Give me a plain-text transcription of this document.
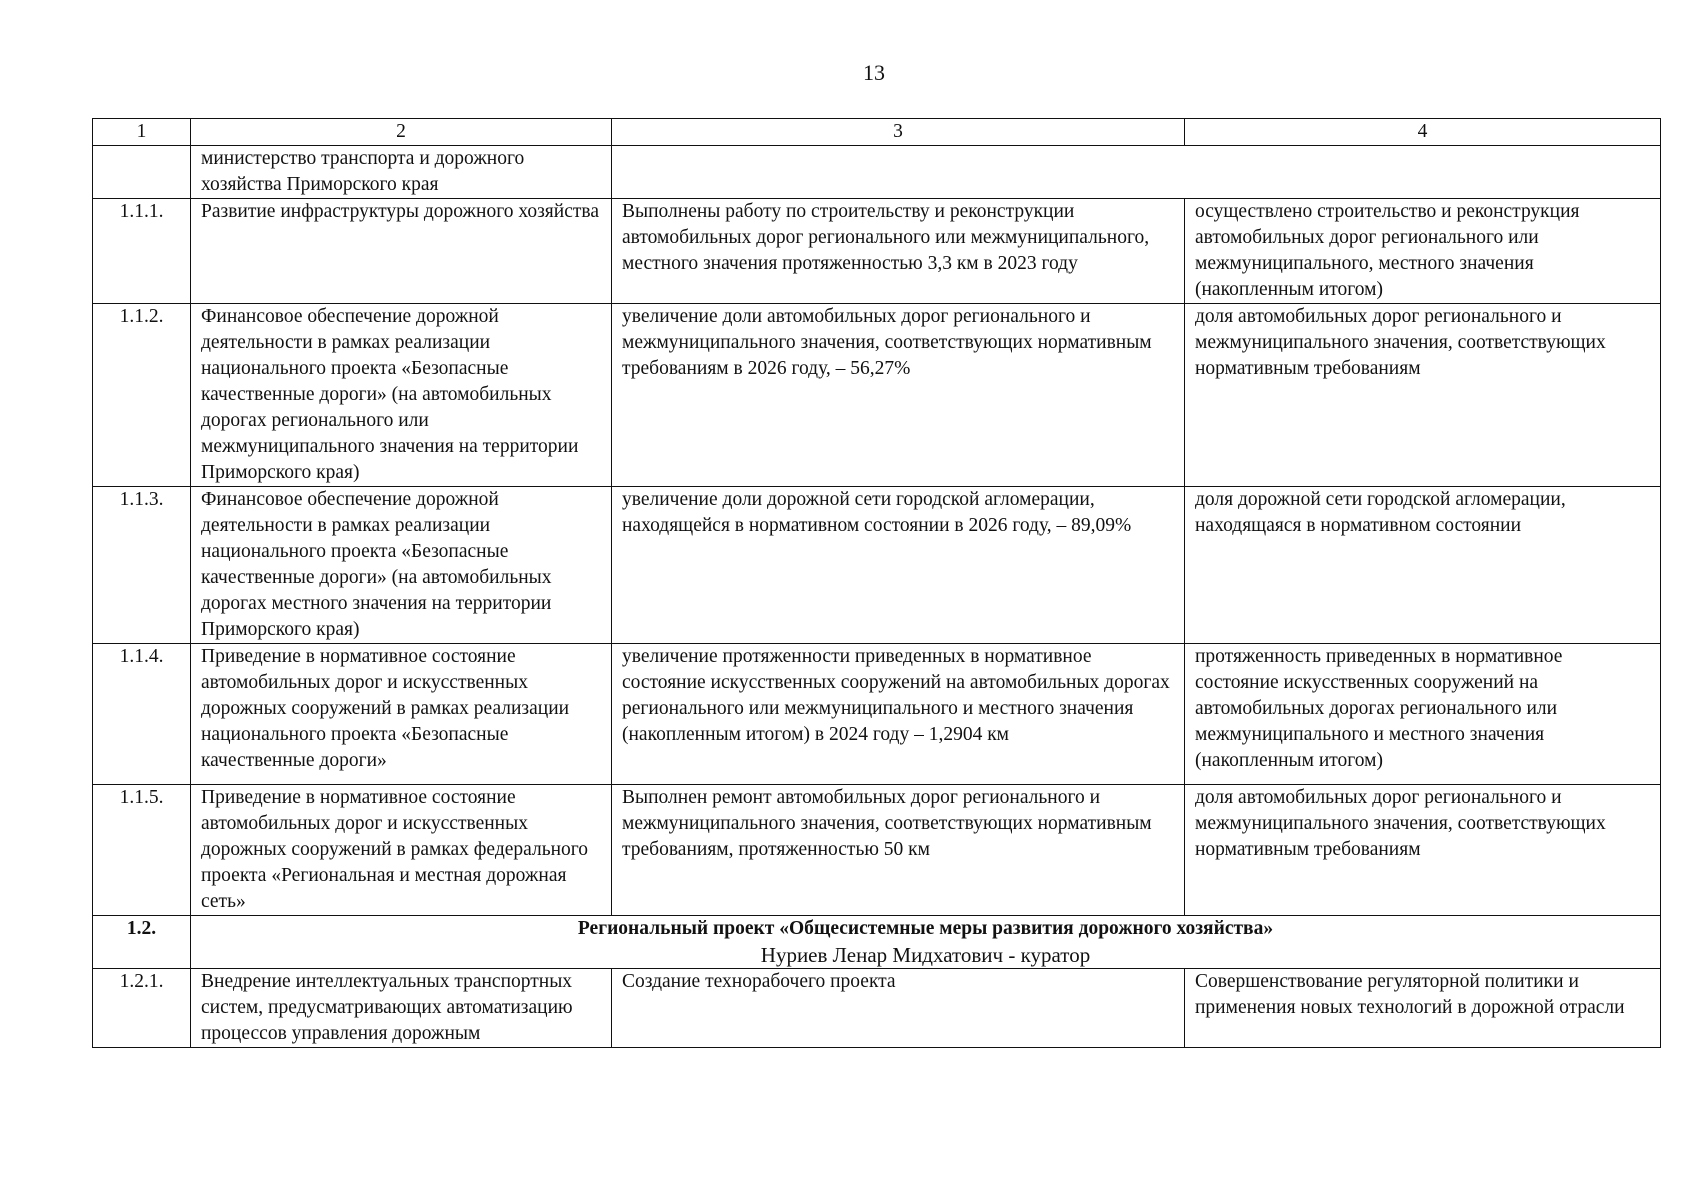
13
1	2	3	4
	министерство транспорта и дорожного хозяйства Приморского края		
1.1.1.	Развитие инфраструктуры дорожного хозяйства	Выполнены работу по строительству и реконструкции автомобильных дорог регионального или межмуниципального, местного значения протяженностью 3,3 км в 2023 году	осуществлено строительство и реконструкция автомобильных дорог регионального или межмуниципального, местного значения (накопленным итогом)
1.1.2.	Финансовое обеспечение дорожной деятельности в рамках реализации национального проекта «Безопасные качественные дороги» (на автомобильных дорогах регионального или межмуниципального значения на территории Приморского края)	увеличение доли автомобильных дорог регионального и межмуниципального значения, соответствующих нормативным требованиям в 2026 году, – 56,27%	доля автомобильных дорог регионального и межмуниципального значения, соответствующих нормативным требованиям
1.1.3.	Финансовое обеспечение дорожной деятельности в рамках реализации национального проекта «Безопасные качественные дороги» (на автомобильных дорогах местного значения на территории Приморского края)	увеличение доли дорожной сети городской агломерации, находящейся в нормативном состоянии в 2026 году, – 89,09%	доля дорожной сети городской агломерации, находящаяся в нормативном состоянии
1.1.4.	Приведение в нормативное состояние автомобильных дорог и искусственных дорожных сооружений в рамках реализации национального проекта «Безопасные качественные дороги»	увеличение протяженности приведенных в нормативное состояние искусственных сооружений на автомобильных дорогах регионального или межмуниципального и местного значения (накопленным итогом) в 2024 году – 1,2904 км	протяженность приведенных в нормативное состояние искусственных сооружений на автомобильных дорогах регионального или межмуниципального и местного значения (накопленным итогом)
1.1.5.	Приведение в нормативное состояние автомобильных дорог и искусственных дорожных сооружений в рамках федерального проекта «Региональная и местная дорожная сеть»	Выполнен ремонт автомобильных дорог регионального и межмуниципального значения, соответствующих нормативным требованиям, протяженностью 50 км	доля автомобильных дорог регионального и межмуниципального значения, соответствующих нормативным требованиям
1.2.	Региональный проект «Общесистемные меры развития дорожного хозяйства»
Нуриев Ленар Мидхатович - куратор		

1.2.1.	Внедрение интеллектуальных транспортных систем, предусматривающих автоматизацию процессов управления дорожным	Создание технорабочего проекта	Совершенствование регуляторной политики и применения новых технологий в дорожной отрасли
